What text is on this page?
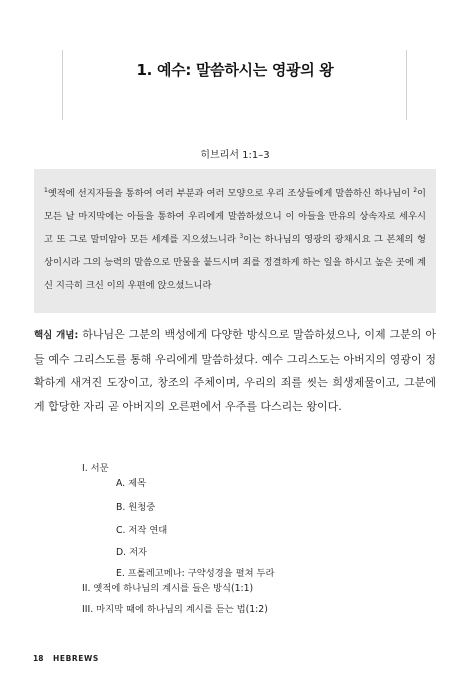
1. 예수: 말씀하시는 영광의 왕
히브리서 1:1–3

$^1$옛적에 선지자들을 통하여 여러 부분과 여러 모양으로 우리 조상들에게 말씀하신 하나님이 $^2$이 모든 날 마지막에는 아들을 통하여 우리에게 말씀하셨으니 이 아들을 만유의 상속자로 세우시고 또 그로 말미암아 모든 세계를 지으셨느니라 $^3$이는 하나님의 영광의 광채시요 그 본체의 형상이시라 그의 능력의 말씀으로 만물을 붙드시며 죄를 정결하게 하는 일을 하시고 높은 곳에 계신 지극히 크신 이의 우편에 앉으셨느니라

핵심 개념: 하나님은 그분의 백성에게 다양한 방식으로 말씀하셨으나, 이제 그분의 아들 예수 그리스도를 통해 우리에게 말씀하셨다. 예수 그리스도는 아버지의 영광이 정확하게 새겨진 도장이고, 창조의 주체이며, 우리의 죄를 씻는 희생제물이고, 그분에게 합당한 자리 곧 아버지의 오른편에서 우주를 다스리는 왕이다.

I. 서문
A. 제목
B. 원청중
C. 저작 연대
D. 저자
E. 프롤레고메나: 구약성경을 펼쳐 두라
II. 옛적에 하나님의 계시를 들은 방식(1:1)
III. 마지막 때에 하나님의 계시를 듣는 법(1:2)
18 HEBREWS
